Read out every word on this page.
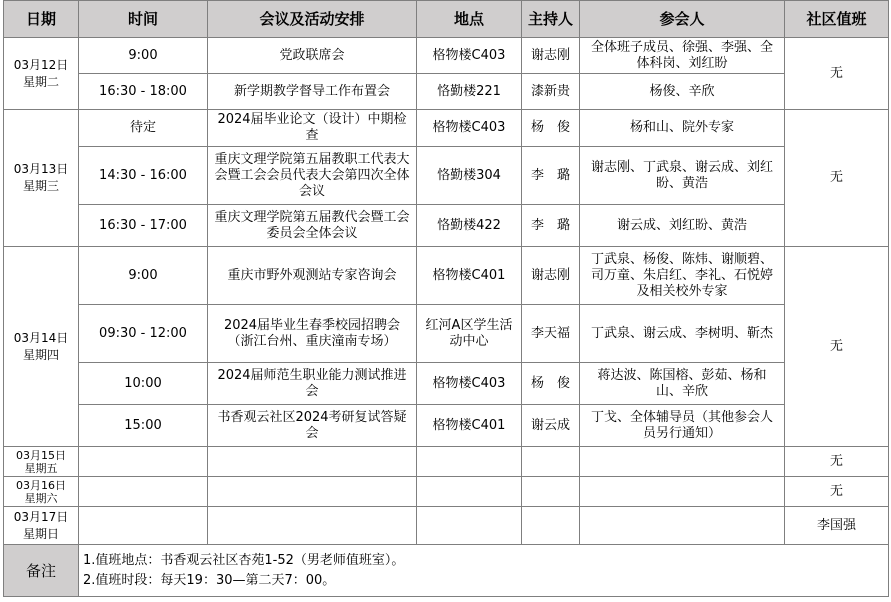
日期	时间	会议及活动安排	地点	主持人	参会人	社区值班
03月12日
星期二	9:00	党政联席会	格物楼C403	谢志刚	全体班子成员、徐强、李强、全体科岗、刘红盼	无
	16:30 - 18:00	新学期教学督导工作布置会	恪勤楼221	漆新贵	杨俊、辛欣	
03月13日
星期三	待定	2024届毕业论文（设计）中期检查	格物楼C403	杨　俊	杨和山、院外专家	无
	14:30 - 16:00	重庆文理学院第五届教职工代表大会暨工会会员代表大会第四次全体会议	恪勤楼304	李　璐	谢志刚、丁武泉、谢云成、刘红盼、黄浩	
	16:30 - 17:00	重庆文理学院第五届教代会暨工会委员会全体会议	恪勤楼422	李　璐	谢云成、刘红盼、黄浩	
03月14日
星期四	9:00	重庆市野外观测站专家咨询会	格物楼C401	谢志刚	丁武泉、杨俊、陈炜、谢顺碧、司万童、朱启红、李礼、石悦婷及相关校外专家	无
	09:30 - 12:00	2024届毕业生春季校园招聘会（浙江台州、重庆潼南专场）	红河A区学生活动中心	李天福	丁武泉、谢云成、李树明、靳杰	
	10:00	2024届师范生职业能力测试推进会	格物楼C403	杨　俊	蒋达波、陈国榕、彭茹、杨和山、辛欣	
	15:00	书香观云社区2024考研复试答疑会	格物楼C401	谢云成	丁戈、全体辅导员（其他参会人员另行通知）	
03月15日
星期五						无
03月16日
星期六						无
03月17日
星期日						李国强
备注	1.值班地点：书香观云社区杏苑1-52（男老师值班室）。
2.值班时段：每天19：30—第二天7：00。					
